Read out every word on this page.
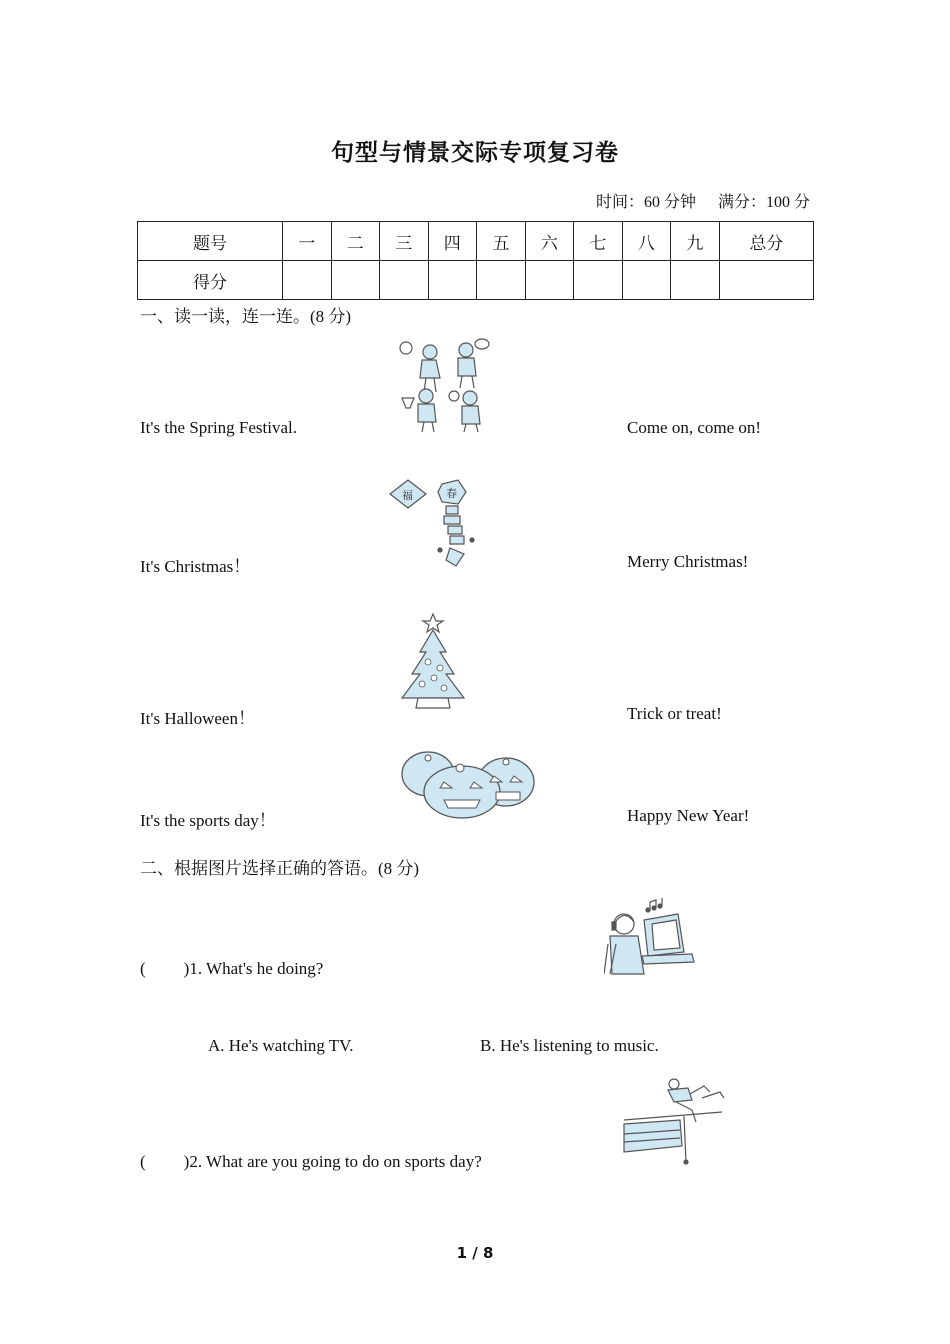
句型与情景交际专项复习卷
时间：60 分钟 满分：100 分
题号	一	二	三	四	五	六	七	八	九	总分
得分										
一、读一读，连一连。(8 分)
It's the Spring Festival.	Come on, come on!
福	春
It's Christmas！	Merry Christmas!
It's Halloween！	Trick or treat!
It's the sports day！	Happy New Year!
二、根据图片选择正确的答语。(8 分)
( )1. What's he doing?
A. He's watching TV.	B. He's listening to music.
( )2. What are you going to do on sports day?
1 / 8
